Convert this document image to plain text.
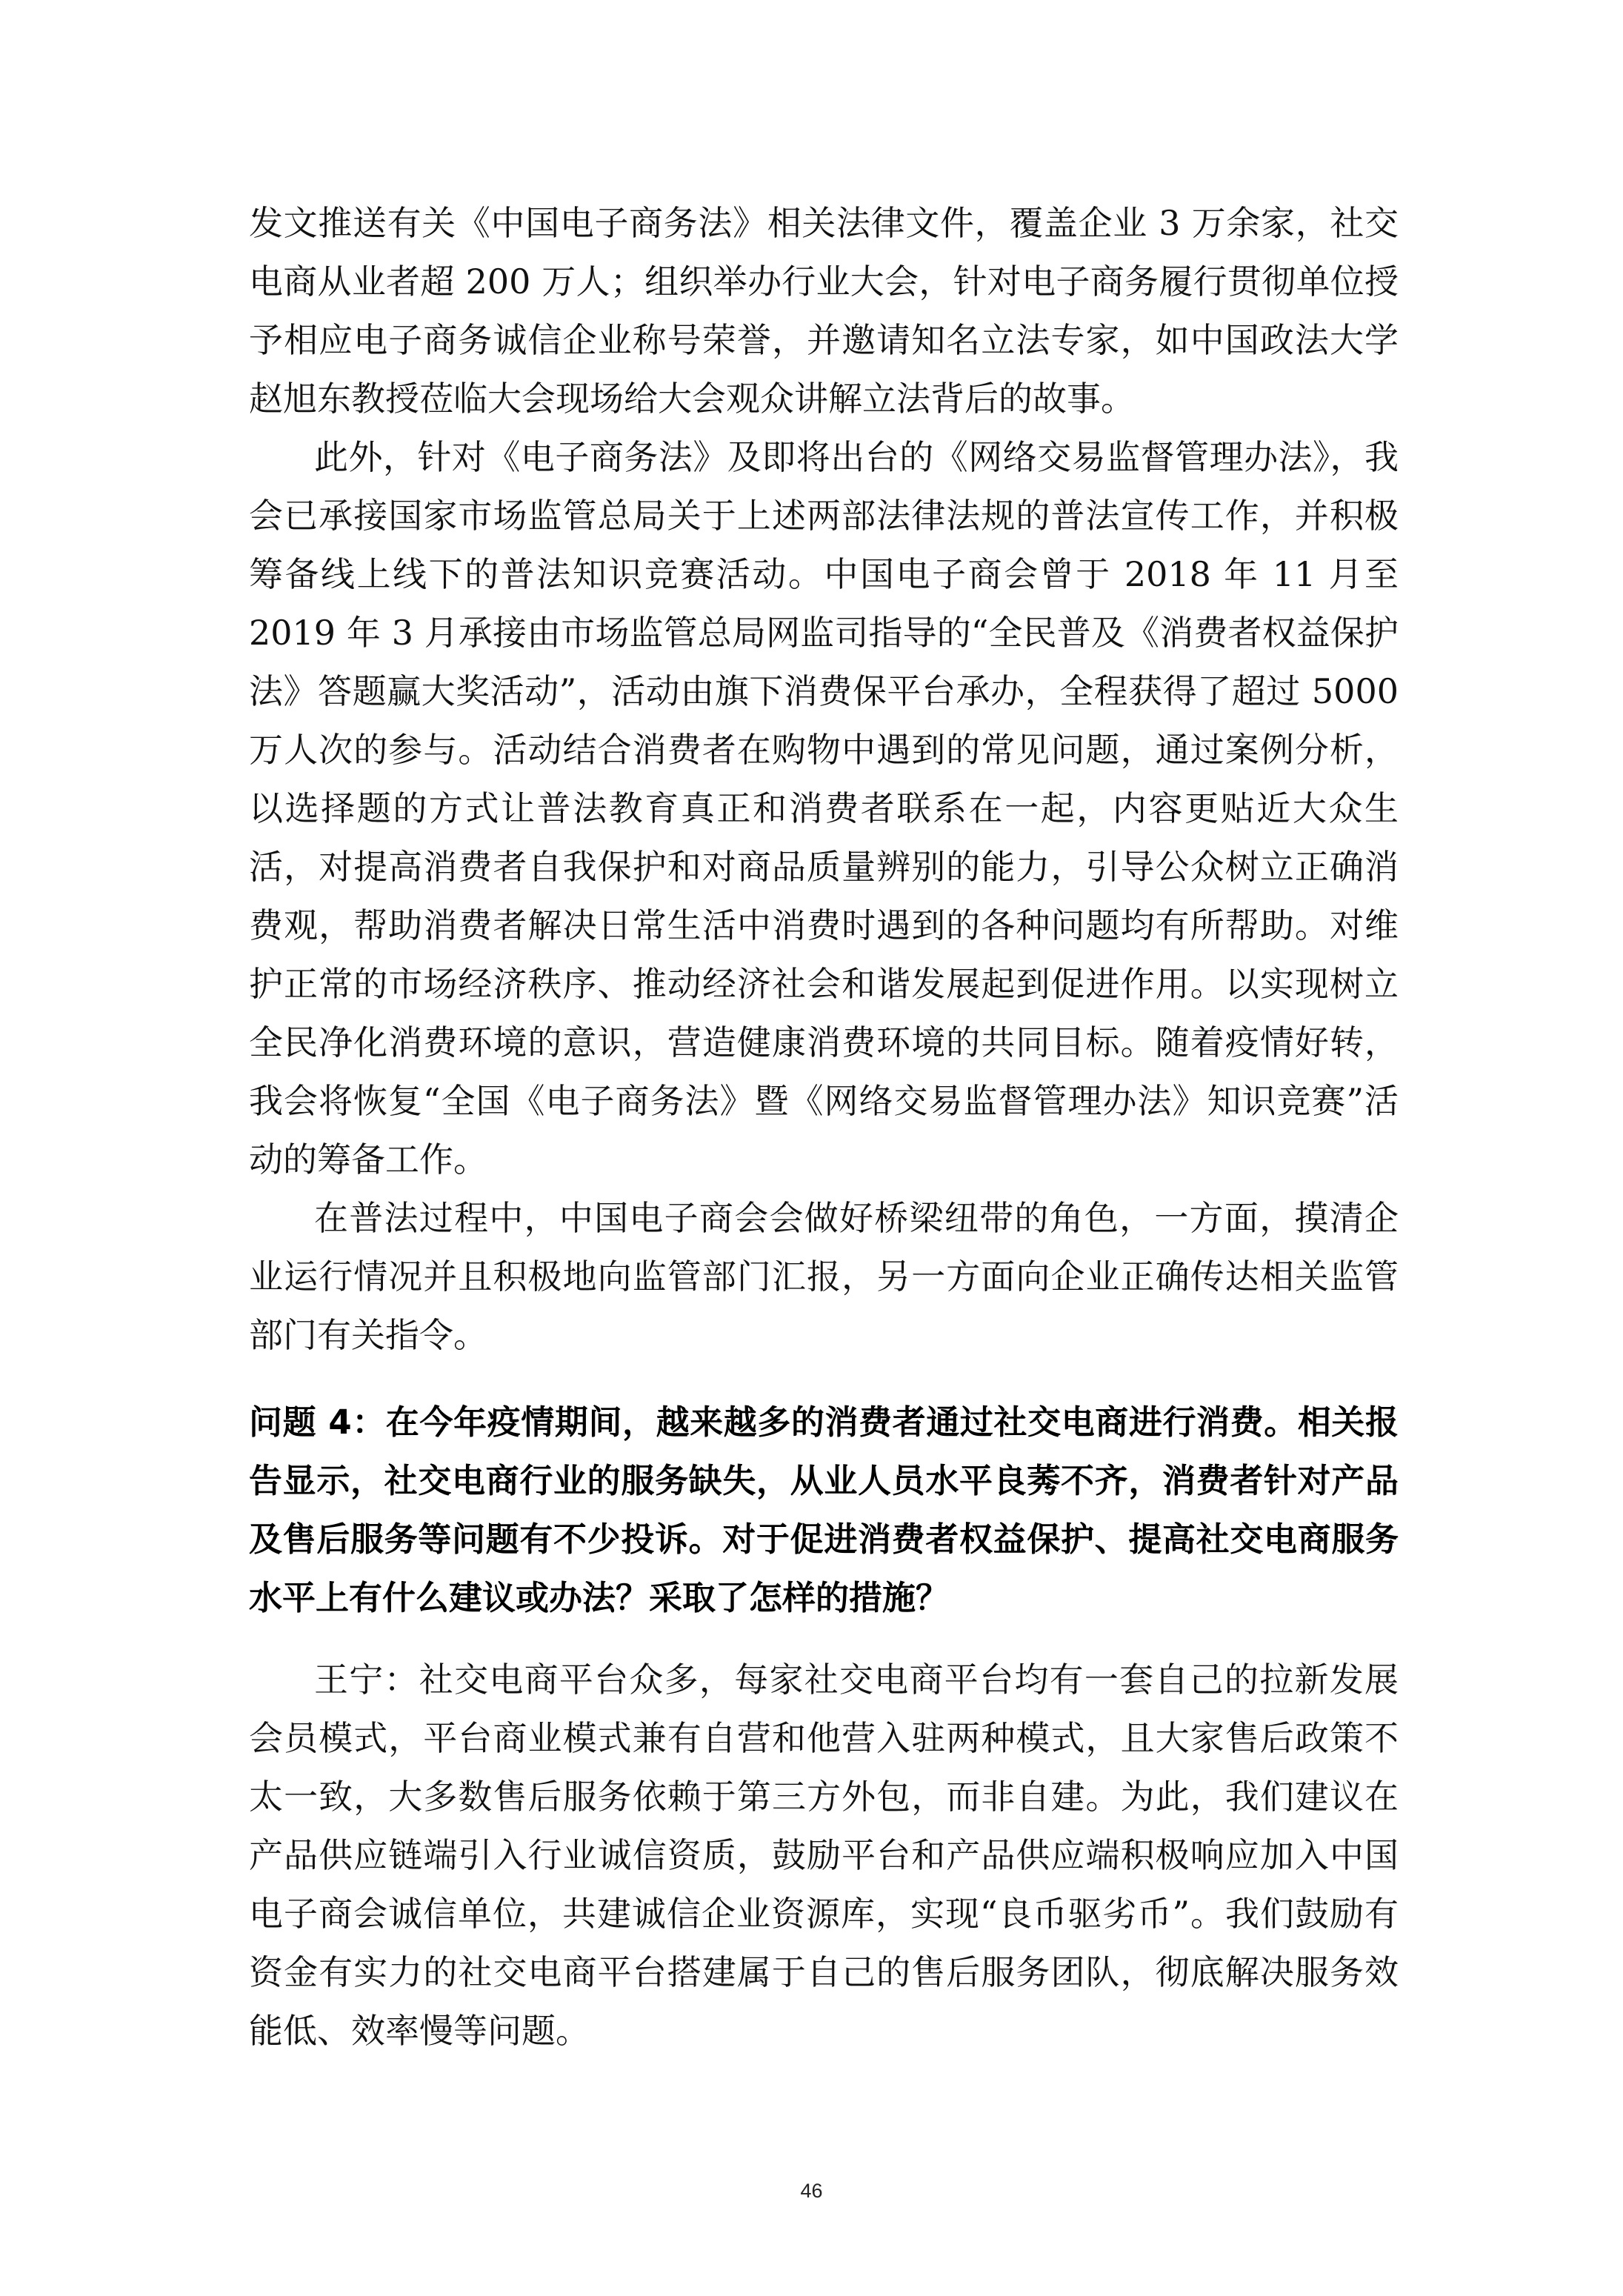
发文推送有关《中国电子商务法》相关法律文件，覆盖企业 3 万余家，社交电商从业者超 200 万人；组织举办行业大会，针对电子商务履行贯彻单位授予相应电子商务诚信企业称号荣誉，并邀请知名立法专家，如中国政法大学赵旭东教授莅临大会现场给大会观众讲解立法背后的故事。

此外，针对《电子商务法》及即将出台的《网络交易监督管理办法》，我会已承接国家市场监管总局关于上述两部法律法规的普法宣传工作，并积极筹备线上线下的普法知识竞赛活动。中国电子商会曾于 2018 年 11 月至 2019 年 3 月承接由市场监管总局网监司指导的“全民普及《消费者权益保护法》答题赢大奖活动”，活动由旗下消费保平台承办，全程获得了超过 5000 万人次的参与。活动结合消费者在购物中遇到的常见问题，通过案例分析，以选择题的方式让普法教育真正和消费者联系在一起，内容更贴近大众生活，对提高消费者自我保护和对商品质量辨别的能力，引导公众树立正确消费观，帮助消费者解决日常生活中消费时遇到的各种问题均有所帮助。对维护正常的市场经济秩序、推动经济社会和谐发展起到促进作用。以实现树立全民净化消费环境的意识，营造健康消费环境的共同目标。随着疫情好转，我会将恢复“全国《电子商务法》暨《网络交易监督管理办法》知识竞赛”活动的筹备工作。

在普法过程中，中国电子商会会做好桥梁纽带的角色，一方面，摸清企业运行情况并且积极地向监管部门汇报，另一方面向企业正确传达相关监管部门有关指令。

问题 4：在今年疫情期间，越来越多的消费者通过社交电商进行消费。相关报告显示，社交电商行业的服务缺失，从业人员水平良莠不齐，消费者针对产品及售后服务等问题有不少投诉。对于促进消费者权益保护、提高社交电商服务水平上有什么建议或办法？采取了怎样的措施？

王宁：社交电商平台众多，每家社交电商平台均有一套自己的拉新发展会员模式，平台商业模式兼有自营和他营入驻两种模式，且大家售后政策不太一致，大多数售后服务依赖于第三方外包，而非自建。为此，我们建议在产品供应链端引入行业诚信资质，鼓励平台和产品供应端积极响应加入中国电子商会诚信单位，共建诚信企业资源库，实现“良币驱劣币”。我们鼓励有资金有实力的社交电商平台搭建属于自己的售后服务团队，彻底解决服务效能低、效率慢等问题。

46
